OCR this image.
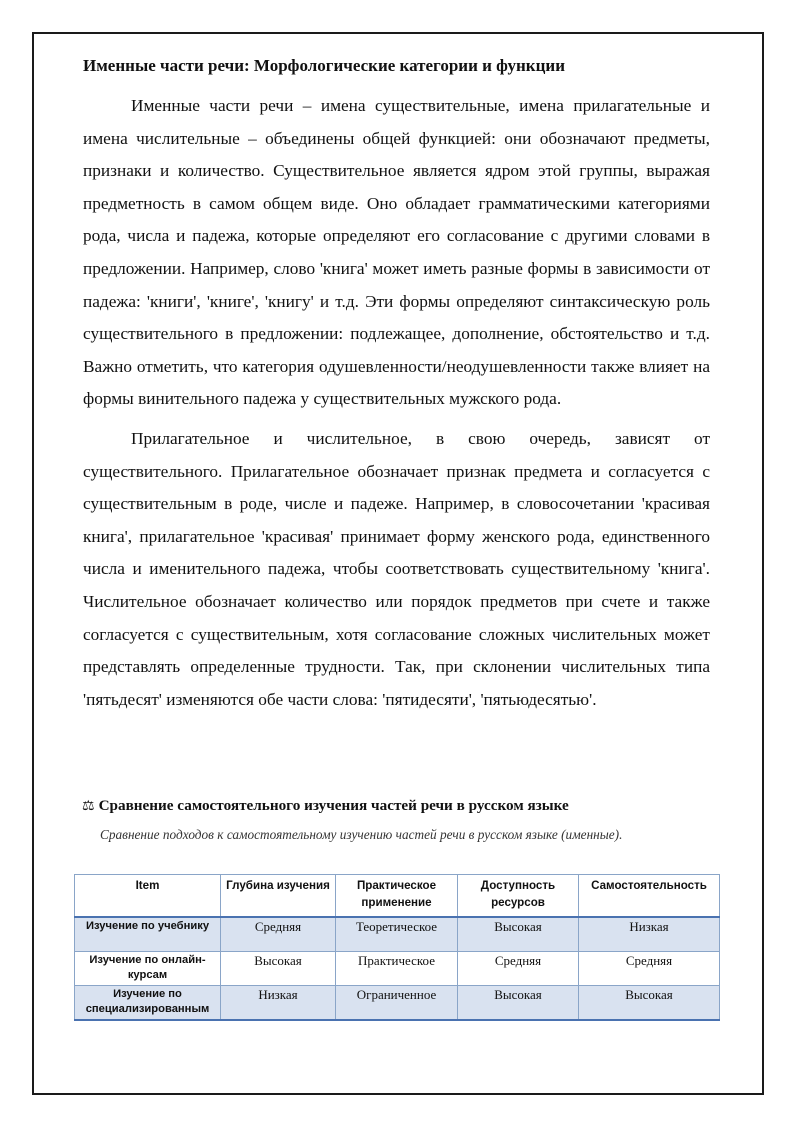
Именные части речи: Морфологические категории и функции

Именные части речи – имена существительные, имена прилагательные и имена числительные – объединены общей функцией: они обозначают предметы, признаки и количество. Существительное является ядром этой группы, выражая предметность в самом общем виде. Оно обладает грамматическими категориями рода, числа и падежа, которые определяют его согласование с другими словами в предложении. Например, слово 'книга' может иметь разные формы в зависимости от падежа: 'книги', 'книге', 'книгу' и т.д. Эти формы определяют синтаксическую роль существительного в предложении: подлежащее, дополнение, обстоятельство и т.д. Важно отметить, что категория одушевленности/неодушевленности также влияет на формы винительного падежа у существительных мужского рода.

Прилагательное и числительное, в свою очередь, зависят от существительного. Прилагательное обозначает признак предмета и согласуется с существительным в роде, числе и падеже. Например, в словосочетании 'красивая книга', прилагательное 'красивая' принимает форму женского рода, единственного числа и именительного падежа, чтобы соответствовать существительному 'книга'. Числительное обозначает количество или порядок предметов при счете и также согласуется с существительным, хотя согласование сложных числительных может представлять определенные трудности. Так, при склонении числительных типа 'пятьдесят' изменяются обе части слова: 'пятидесяти', 'пятьюдесятью'.

⚖ Сравнение самостоятельного изучения частей речи в русском языке
Сравнение подходов к самостоятельному изучению частей речи в русском языке (именные).
Item	Глубина изучения	Практическое применение	Доступность ресурсов	Самостоятельность
Изучение по учебнику	Средняя	Теоретическое	Высокая	Низкая
Изучение по онлайн-курсам	Высокая	Практическое	Средняя	Средняя
Изучение по специализированным	Низкая	Ограниченное	Высокая	Высокая
